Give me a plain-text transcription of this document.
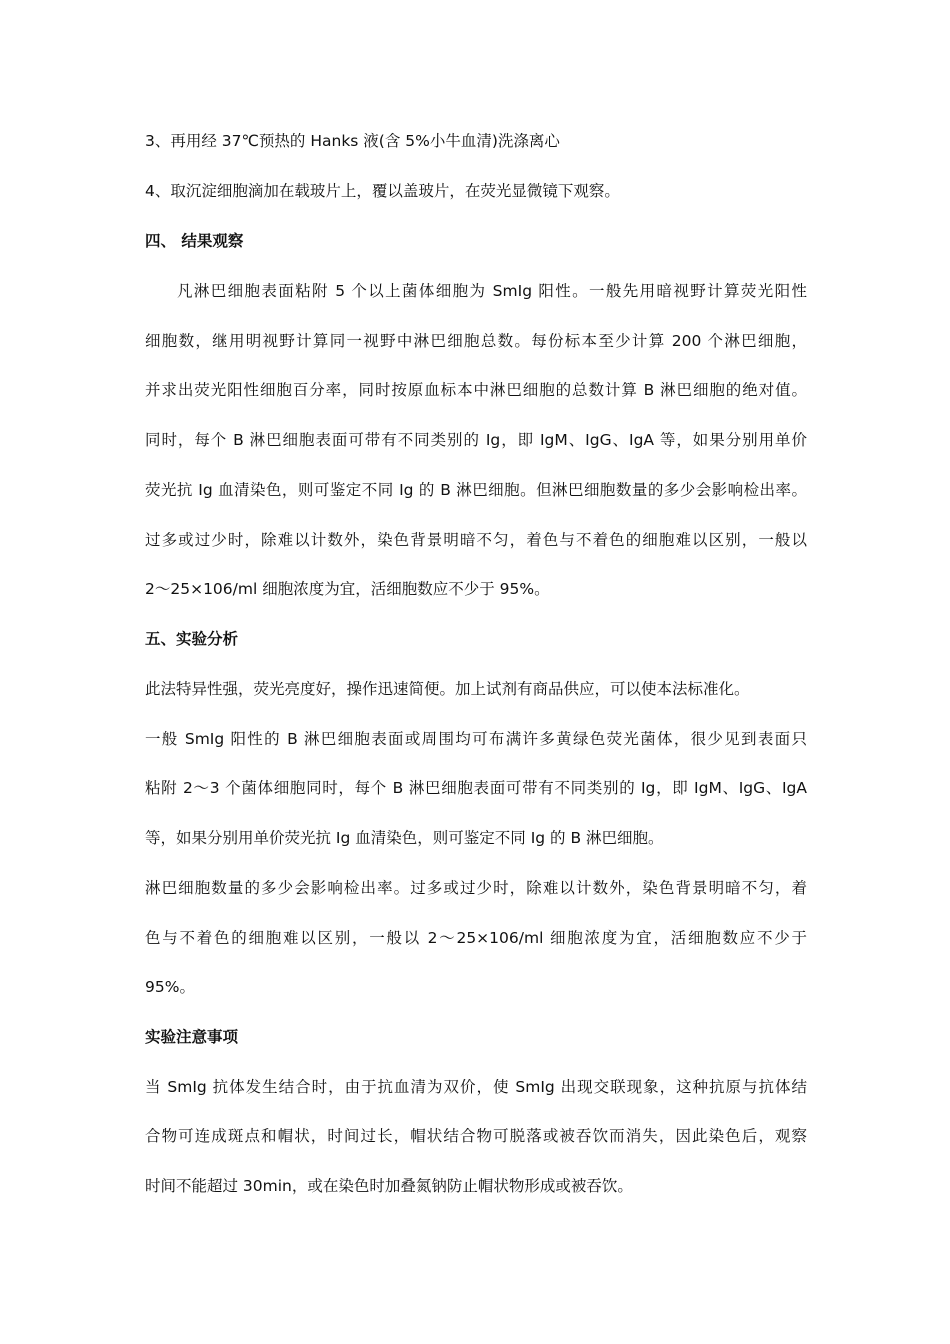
3、再用经 37℃预热的 Hanks 液(含 5%小牛血清)洗涤离心
4、取沉淀细胞滴加在载玻片上，覆以盖玻片，在荧光显微镜下观察。
四、 结果观察
凡淋巴细胞表面粘附 5 个以上菌体细胞为 SmIg 阳性。一般先用暗视野计算荧光阳性
细胞数，继用明视野计算同一视野中淋巴细胞总数。每份标本至少计算 200 个淋巴细胞，
并求出荧光阳性细胞百分率，同时按原血标本中淋巴细胞的总数计算 B 淋巴细胞的绝对值。
同时，每个 B 淋巴细胞表面可带有不同类别的 Ig，即 IgM、IgG、IgA 等，如果分别用单价
荧光抗 Ig 血清染色，则可鉴定不同 Ig 的 B 淋巴细胞。但淋巴细胞数量的多少会影响检出率。
过多或过少时，除难以计数外，染色背景明暗不匀，着色与不着色的细胞难以区别，一般以
2～25×106/ml 细胞浓度为宜，活细胞数应不少于 95%。
五、实验分析
此法特异性强，荧光亮度好，操作迅速简便。加上试剂有商品供应，可以使本法标准化。
一般 SmIg 阳性的 B 淋巴细胞表面或周围均可布满许多黄绿色荧光菌体，很少见到表面只
粘附 2～3 个菌体细胞同时，每个 B 淋巴细胞表面可带有不同类别的 Ig，即 IgM、IgG、IgA
等，如果分别用单价荧光抗 Ig 血清染色，则可鉴定不同 Ig 的 B 淋巴细胞。
淋巴细胞数量的多少会影响检出率。过多或过少时，除难以计数外，染色背景明暗不匀，着
色与不着色的细胞难以区别，一般以 2～25×106/ml 细胞浓度为宜，活细胞数应不少于
95%。
实验注意事项
当 SmIg 抗体发生结合时，由于抗血清为双价，使 SmIg 出现交联现象，这种抗原与抗体结
合物可连成斑点和帽状，时间过长，帽状结合物可脱落或被吞饮而消失，因此染色后，观察
时间不能超过 30min，或在染色时加叠氮钠防止帽状物形成或被吞饮。
